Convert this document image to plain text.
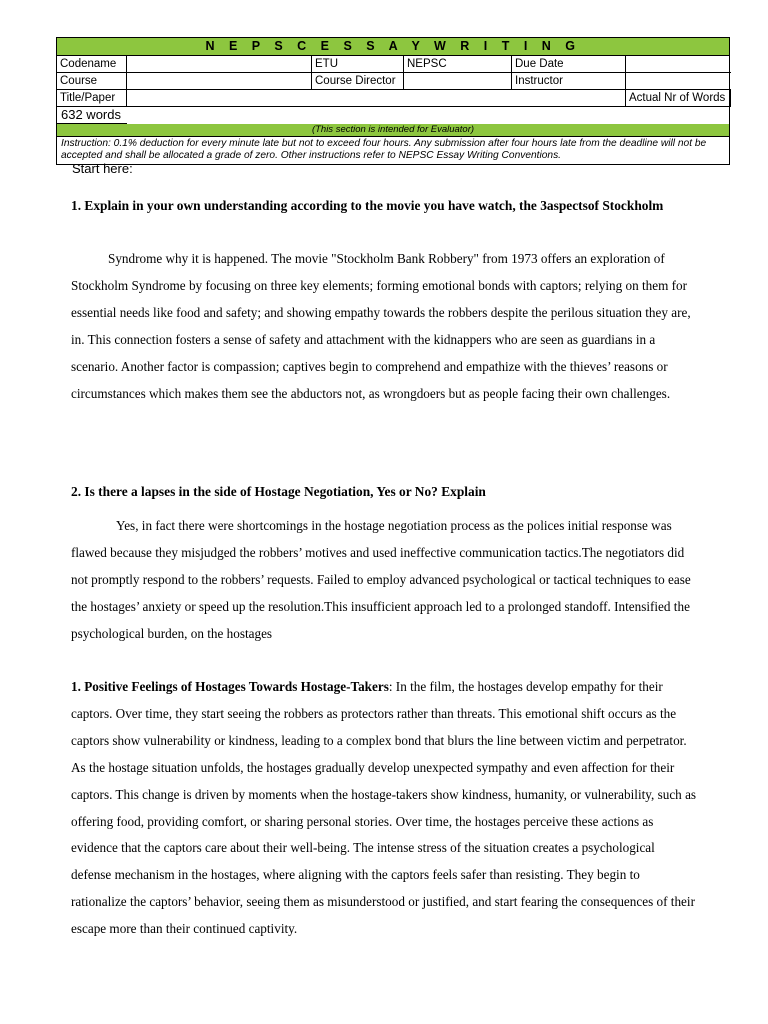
N E P S C E S S A Y W R I T I N G
Codename	ETU	NEPSC	Due Date
Course	Course Director	Instructor
Title/Paper	Actual Nr of Words
632 words
(This section is intended for Evaluator)
Instruction: 0.1% deduction for every minute late but not to exceed four hours. Any submission after four hours late from the deadline will not be accepted and shall be allocated a grade of zero. Other instructions refer to NEPSC Essay Writing Conventions.
Start here:
1. Explain in your own understanding according to the movie you have watch, the 3aspectsof Stockholm
Syndrome why it is happened. The movie "Stockholm Bank Robbery" from 1973 offers an exploration of Stockholm Syndrome by focusing on three key elements; forming emotional bonds with captors; relying on them for essential needs like food and safety; and showing empathy towards the robbers despite the perilous situation they are, in. This connection fosters a sense of safety and attachment with the kidnappers who are seen as guardians in a scenario. Another factor is compassion; captives begin to comprehend and empathize with the thieves’ reasons or circumstances which makes them see the abductors not, as wrongdoers but as people facing their own challenges.
2. Is there a lapses in the side of Hostage Negotiation, Yes or No? Explain
Yes, in fact there were shortcomings in the hostage negotiation process as the polices initial response was flawed because they misjudged the robbers’ motives and used ineffective communication tactics.The negotiators did not promptly respond to the robbers’ requests. Failed to employ advanced psychological or tactical techniques to ease the hostages’ anxiety or speed up the resolution.This insufficient approach led to a prolonged standoff. Intensified the psychological burden, on the hostages
1. Positive Feelings of Hostages Towards Hostage-Takers: In the film, the hostages develop empathy for their captors. Over time, they start seeing the robbers as protectors rather than threats. This emotional shift occurs as the captors show vulnerability or kindness, leading to a complex bond that blurs the line between victim and perpetrator. As the hostage situation unfolds, the hostages gradually develop unexpected sympathy and even affection for their captors. This change is driven by moments when the hostage-takers show kindness, humanity, or vulnerability, such as offering food, providing comfort, or sharing personal stories. Over time, the hostages perceive these actions as evidence that the captors care about their well-being. The intense stress of the situation creates a psychological defense mechanism in the hostages, where aligning with the captors feels safer than resisting. They begin to rationalize the captors’ behavior, seeing them as misunderstood or justified, and start fearing the consequences of their escape more than their continued captivity.
